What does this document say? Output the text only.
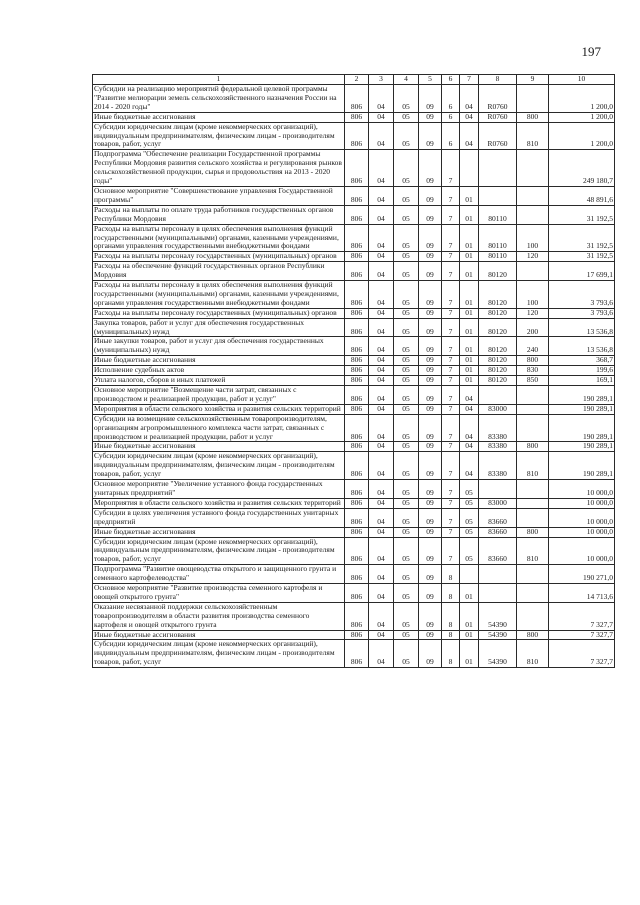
197
1	2	3	4	5	6	7	8	9	10
Субсидии на реализацию мероприятий федеральной целевой программы "Развитие мелиорации земель сельскохозяйственного назначения России на 2014 - 2020 годы"	806	04	05	09	6	04	R0760		1 200,0
Иные бюджетные ассигнования	806	04	05	09	6	04	R0760	800	1 200,0
Субсидии юридическим лицам (кроме некоммерческих организаций), индивидуальным предпринимателям, физическим лицам - производителям товаров, работ, услуг	806	04	05	09	6	04	R0760	810	1 200,0
Подпрограмма "Обеспечение реализации Государственной программы Республики Мордовия развития сельского хозяйства и регулирования рынков сельскохозяйственной продукции, сырья и продовольствия на 2013 - 2020 годы"	806	04	05	09	7				249 180,7
Основное мероприятие "Совершенствование управления Государственной программы"	806	04	05	09	7	01			48 891,6
Расходы на выплаты по оплате труда работников государственных органов Республики Мордовия	806	04	05	09	7	01	80110		31 192,5
Расходы на выплаты персоналу в целях обеспечения выполнения функций государственными (муниципальными) органами, казенными учреждениями, органами управления государственными внебюджетными фондами	806	04	05	09	7	01	80110	100	31 192,5
Расходы на выплаты персоналу государственных (муниципальных) органов	806	04	05	09	7	01	80110	120	31 192,5
Расходы на обеспечение функций государственных органов Республики Мордовия	806	04	05	09	7	01	80120		17 699,1
Расходы на выплаты персоналу в целях обеспечения выполнения функций государственными (муниципальными) органами, казенными учреждениями, органами управления государственными внебюджетными фондами	806	04	05	09	7	01	80120	100	3 793,6
Расходы на выплаты персоналу государственных (муниципальных) органов	806	04	05	09	7	01	80120	120	3 793,6
Закупка товаров, работ и услуг для обеспечения государственных (муниципальных) нужд	806	04	05	09	7	01	80120	200	13 536,8
Иные закупки товаров, работ и услуг для обеспечения государственных (муниципальных) нужд	806	04	05	09	7	01	80120	240	13 536,8
Иные бюджетные ассигнования	806	04	05	09	7	01	80120	800	368,7
Исполнение судебных актов	806	04	05	09	7	01	80120	830	199,6
Уплата налогов, сборов и иных платежей	806	04	05	09	7	01	80120	850	169,1
Основное мероприятие "Возмещение части затрат, связанных с производством и реализацией продукции, работ и услуг"	806	04	05	09	7	04			190 289,1
Мероприятия в области сельского хозяйства и развития сельских территорий	806	04	05	09	7	04	83000		190 289,1
Субсидии на возмещение сельскохозяйственным товаропроизводителям, организациям агропромышленного комплекса части затрат, связанных с производством и реализацией продукции, работ и услуг	806	04	05	09	7	04	83380		190 289,1
Иные бюджетные ассигнования	806	04	05	09	7	04	83380	800	190 289,1
Субсидии юридическим лицам (кроме некоммерческих организаций), индивидуальным предпринимателям, физическим лицам - производителям товаров, работ, услуг	806	04	05	09	7	04	83380	810	190 289,1
Основное мероприятие "Увеличение уставного фонда государственных унитарных предприятий"	806	04	05	09	7	05			10 000,0
Мероприятия в области сельского хозяйства и развития сельских территорий	806	04	05	09	7	05	83000		10 000,0
Субсидии в целях увеличения уставного фонда государственных унитарных предприятий	806	04	05	09	7	05	83660		10 000,0
Иные бюджетные ассигнования	806	04	05	09	7	05	83660	800	10 000,0
Субсидии юридическим лицам (кроме некоммерческих организаций), индивидуальным предпринимателям, физическим лицам - производителям товаров, работ, услуг	806	04	05	09	7	05	83660	810	10 000,0
Подпрограмма "Развитие овощеводства открытого и защищенного грунта и семенного картофелеводства"	806	04	05	09	8				190 271,0
Основное мероприятие "Развитие производства семенного картофеля и овощей открытого грунта"	806	04	05	09	8	01			14 713,6
Оказание несвязанной поддержки сельскохозяйственным товаропроизводителям в области развития производства семенного картофеля и овощей открытого грунта	806	04	05	09	8	01	54390		7 327,7
Иные бюджетные ассигнования	806	04	05	09	8	01	54390	800	7 327,7
Субсидии юридическим лицам (кроме некоммерческих организаций), индивидуальным предпринимателям, физическим лицам - производителям товаров, работ, услуг	806	04	05	09	8	01	54390	810	7 327,7
